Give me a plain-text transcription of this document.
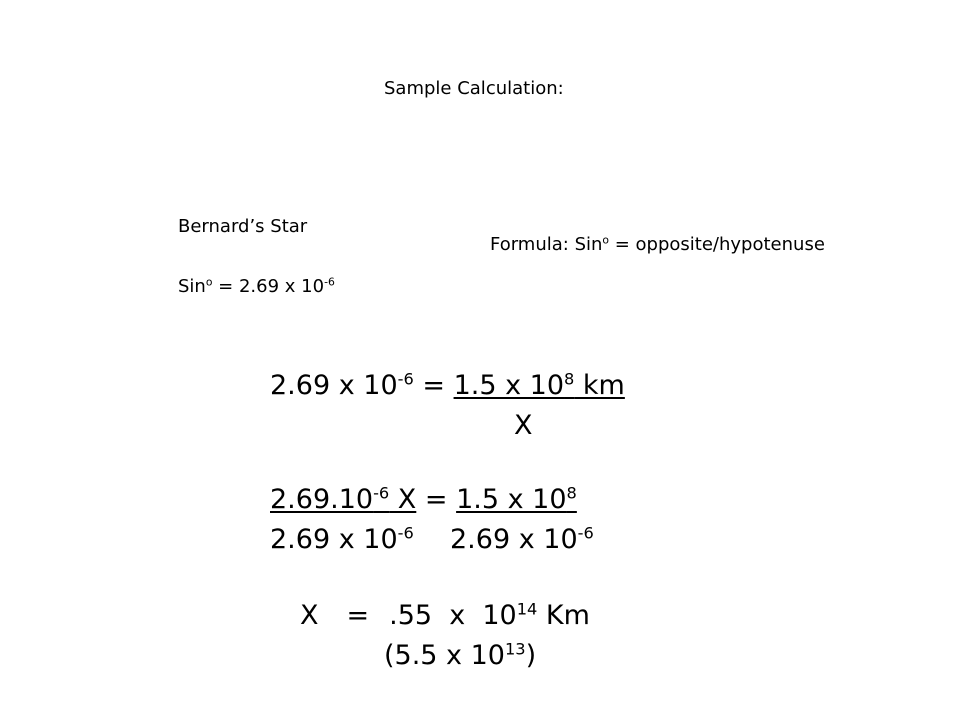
Sample Calculation:
Bernard’s Star
Sin$^o$ = 2.69 x $10^{-6}$
Formula: Sin$^o$ = opposite/hypotenuse
2.69 x $10^{-6} = 1.5$ x $10^8$ km
X
$2.69.10^{-6}$ X = 1.5 x $10^8$
2.69 x $10^{-6}$ 2.69 x $10^{-6}$
X = .55  x  $10^{14}$ Km
(5.5 x $10^{13}$)
